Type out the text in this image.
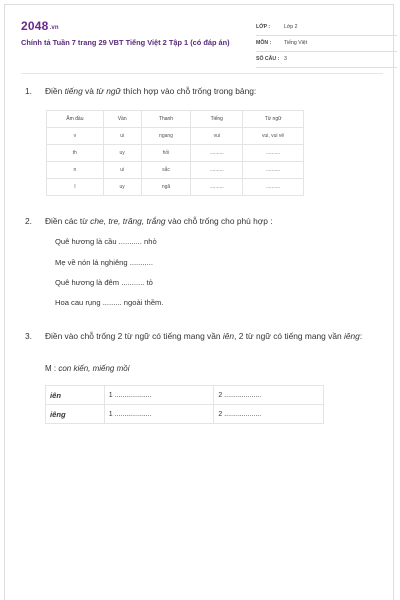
2048.vn
Chính tả Tuần 7 trang 29 VBT Tiếng Việt 2 Tập 1 (có đáp án)
LỚP :	Lớp 2
MÔN : Tiếng Việt
SỐ CÂU : 3
1. Điền tiếng và từ ngữ thích hợp vào chỗ trống trong bảng:
Âm đầu	Vần	Thanh	Tiếng	Từ ngữ
v	ui	ngang	vui	vui, vui vẻ
th	uy	hỏi	..........	..........
n	ui	sắc	..........	..........
l	uy	ngã	..........	..........
2. Điền các từ che, tre, trăng, trắng vào chỗ trống cho phù hợp :
Quê hương là cầu ........... nhỏ
Mẹ về nón lá nghiêng ...........
Quê hương là đêm ........... tỏ
Hoa cau rụng ......... ngoài thềm.
3. Điền vào chỗ trống 2 từ ngữ có tiếng mang vần iên, 2 từ ngữ có tiếng mang vần iêng:
M : con kiến, miếng mồi
iên	1 ...................	2 ...................
iêng	1 ...................	2 ...................
